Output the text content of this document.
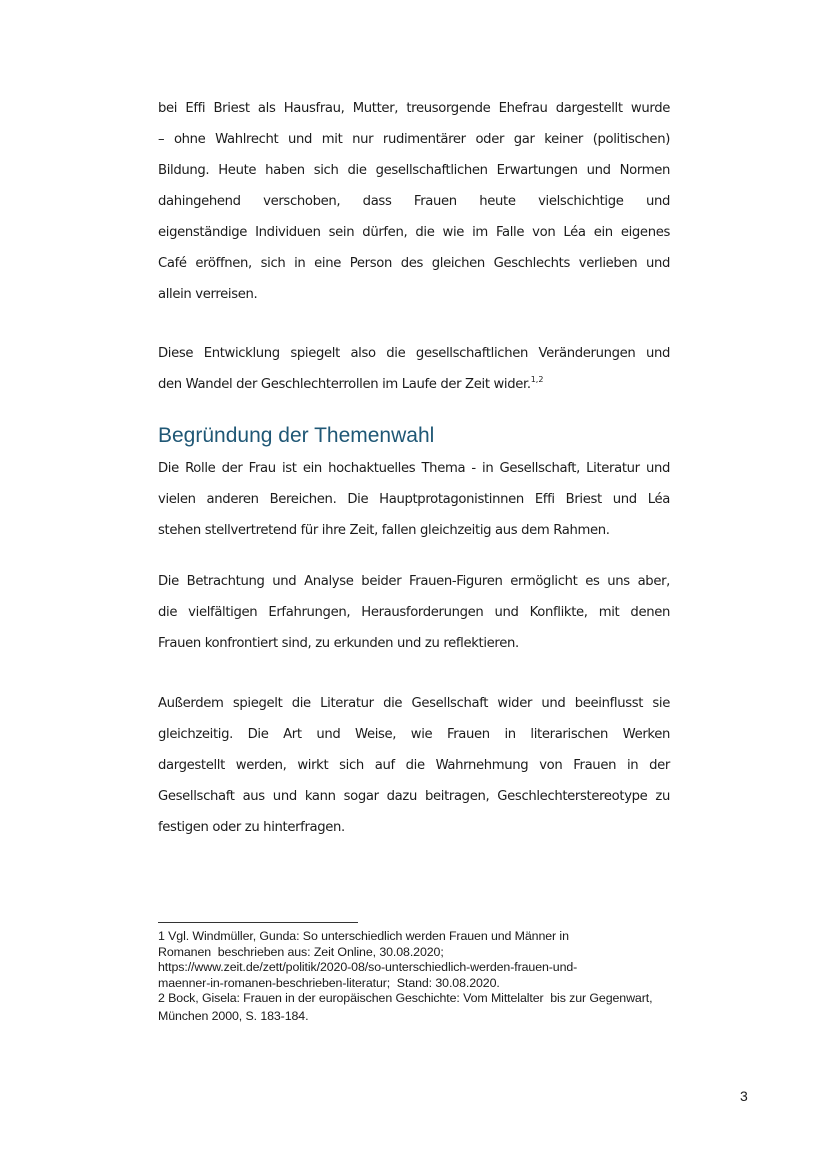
bei Effi Briest als Hausfrau, Mutter, treusorgende Ehefrau dargestellt wurde
– ohne Wahlrecht und mit nur rudimentärer oder gar keiner (politischen)
Bildung. Heute haben sich die gesellschaftlichen Erwartungen und Normen
dahingehend verschoben, dass Frauen heute vielschichtige und
eigenständige Individuen sein dürfen, die wie im Falle von Léa ein eigenes
Café eröffnen, sich in eine Person des gleichen Geschlechts verlieben und
allein verreisen.
Diese Entwicklung spiegelt also die gesellschaftlichen Veränderungen und
den Wandel der Geschlechterrollen im Laufe der Zeit wider.$^{1,2}$
Begründung der Themenwahl
Die Rolle der Frau ist ein hochaktuelles Thema - in Gesellschaft, Literatur und
vielen anderen Bereichen. Die Hauptprotagonistinnen Effi Briest und Léa
stehen stellvertretend für ihre Zeit, fallen gleichzeitig aus dem Rahmen.
Die Betrachtung und Analyse beider Frauen-Figuren ermöglicht es uns aber,
die vielfältigen Erfahrungen, Herausforderungen und Konflikte, mit denen
Frauen konfrontiert sind, zu erkunden und zu reflektieren.
Außerdem spiegelt die Literatur die Gesellschaft wider und beeinflusst sie
gleichzeitig. Die Art und Weise, wie Frauen in literarischen Werken
dargestellt werden, wirkt sich auf die Wahrnehmung von Frauen in der
Gesellschaft aus und kann sogar dazu beitragen, Geschlechterstereotype zu
festigen oder zu hinterfragen.
1 Vgl. Windmüller, Gunda: So unterschiedlich werden Frauen und Männer in
Romanen  beschrieben aus: Zeit Online, 30.08.2020;
https://www.zeit.de/zett/politik/2020-08/so-unterschiedlich-werden-frauen-und-
maenner-in-romanen-beschrieben-literatur;  Stand: 30.08.2020.
2 Bock, Gisela: Frauen in der europäischen Geschichte: Vom Mittelalter  bis zur Gegenwart,
München 2000, S. 183-184.
3
